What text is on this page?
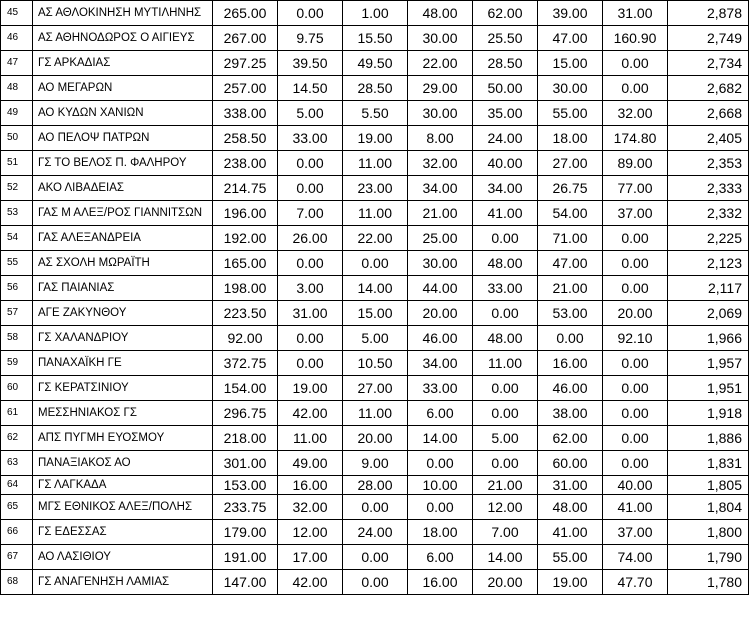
45	ΑΣ ΑΘΛΟΚΙΝΗΣΗ ΜΥΤΙΛΗΝΗΣ	265.00	0.00	1.00	48.00	62.00	39.00	31.00	2,878
46	ΑΣ ΑΘΗΝΟΔΩΡΟΣ Ο ΑΙΓΙΕΥΣ	267.00	9.75	15.50	30.00	25.50	47.00	160.90	2,749
47	ΓΣ ΑΡΚΑΔΙΑΣ	297.25	39.50	49.50	22.00	28.50	15.00	0.00	2,734
48	ΑΟ ΜΕΓΑΡΩΝ	257.00	14.50	28.50	29.00	50.00	30.00	0.00	2,682
49	ΑΟ ΚΥΔΩΝ ΧΑΝΙΩΝ	338.00	5.00	5.50	30.00	35.00	55.00	32.00	2,668
50	ΑΟ ΠΕΛΟΨ ΠΑΤΡΩΝ	258.50	33.00	19.00	8.00	24.00	18.00	174.80	2,405
51	ΓΣ ΤΟ ΒΕΛΟΣ Π. ΦΑΛΗΡΟΥ	238.00	0.00	11.00	32.00	40.00	27.00	89.00	2,353
52	ΑΚΟ ΛΙΒΑΔΕΙΑΣ	214.75	0.00	23.00	34.00	34.00	26.75	77.00	2,333
53	ΓΑΣ Μ ΑΛΕΞ/ΡΟΣ ΓΙΑΝΝΙΤΣΩΝ	196.00	7.00	11.00	21.00	41.00	54.00	37.00	2,332
54	ΓΑΣ ΑΛΕΞΑΝΔΡΕΙΑ	192.00	26.00	22.00	25.00	0.00	71.00	0.00	2,225
55	ΑΣ ΣΧΟΛΗ ΜΩΡΑΪΤΗ	165.00	0.00	0.00	30.00	48.00	47.00	0.00	2,123
56	ΓΑΣ ΠΑΙΑΝΙΑΣ	198.00	3.00	14.00	44.00	33.00	21.00	0.00	2,117
57	ΑΓΕ ΖΑΚΥΝΘΟΥ	223.50	31.00	15.00	20.00	0.00	53.00	20.00	2,069
58	ΓΣ ΧΑΛΑΝΔΡΙΟΥ	92.00	0.00	5.00	46.00	48.00	0.00	92.10	1,966
59	ΠΑΝΑΧΑΪΚΗ ΓΕ	372.75	0.00	10.50	34.00	11.00	16.00	0.00	1,957
60	ΓΣ ΚΕΡΑΤΣΙΝΙΟΥ	154.00	19.00	27.00	33.00	0.00	46.00	0.00	1,951
61	ΜΕΣΣΗΝΙΑΚΟΣ ΓΣ	296.75	42.00	11.00	6.00	0.00	38.00	0.00	1,918
62	ΑΠΣ ΠΥΓΜΗ ΕΥΟΣΜΟΥ	218.00	11.00	20.00	14.00	5.00	62.00	0.00	1,886
63	ΠΑΝΑΞΙΑΚΟΣ ΑΟ	301.00	49.00	9.00	0.00	0.00	60.00	0.00	1,831
64	ΓΣ ΛΑΓΚΑΔΑ	153.00	16.00	28.00	10.00	21.00	31.00	40.00	1,805
65	ΜΓΣ ΕΘΝΙΚΟΣ ΑΛΕΞ/ΠΟΛΗΣ	233.75	32.00	0.00	0.00	12.00	48.00	41.00	1,804
66	ΓΣ ΕΔΕΣΣΑΣ	179.00	12.00	24.00	18.00	7.00	41.00	37.00	1,800
67	ΑΟ ΛΑΣΙΘΙΟΥ	191.00	17.00	0.00	6.00	14.00	55.00	74.00	1,790
68	ΓΣ ΑΝΑΓΕΝΗΣΗ ΛΑΜΙΑΣ	147.00	42.00	0.00	16.00	20.00	19.00	47.70	1,780
